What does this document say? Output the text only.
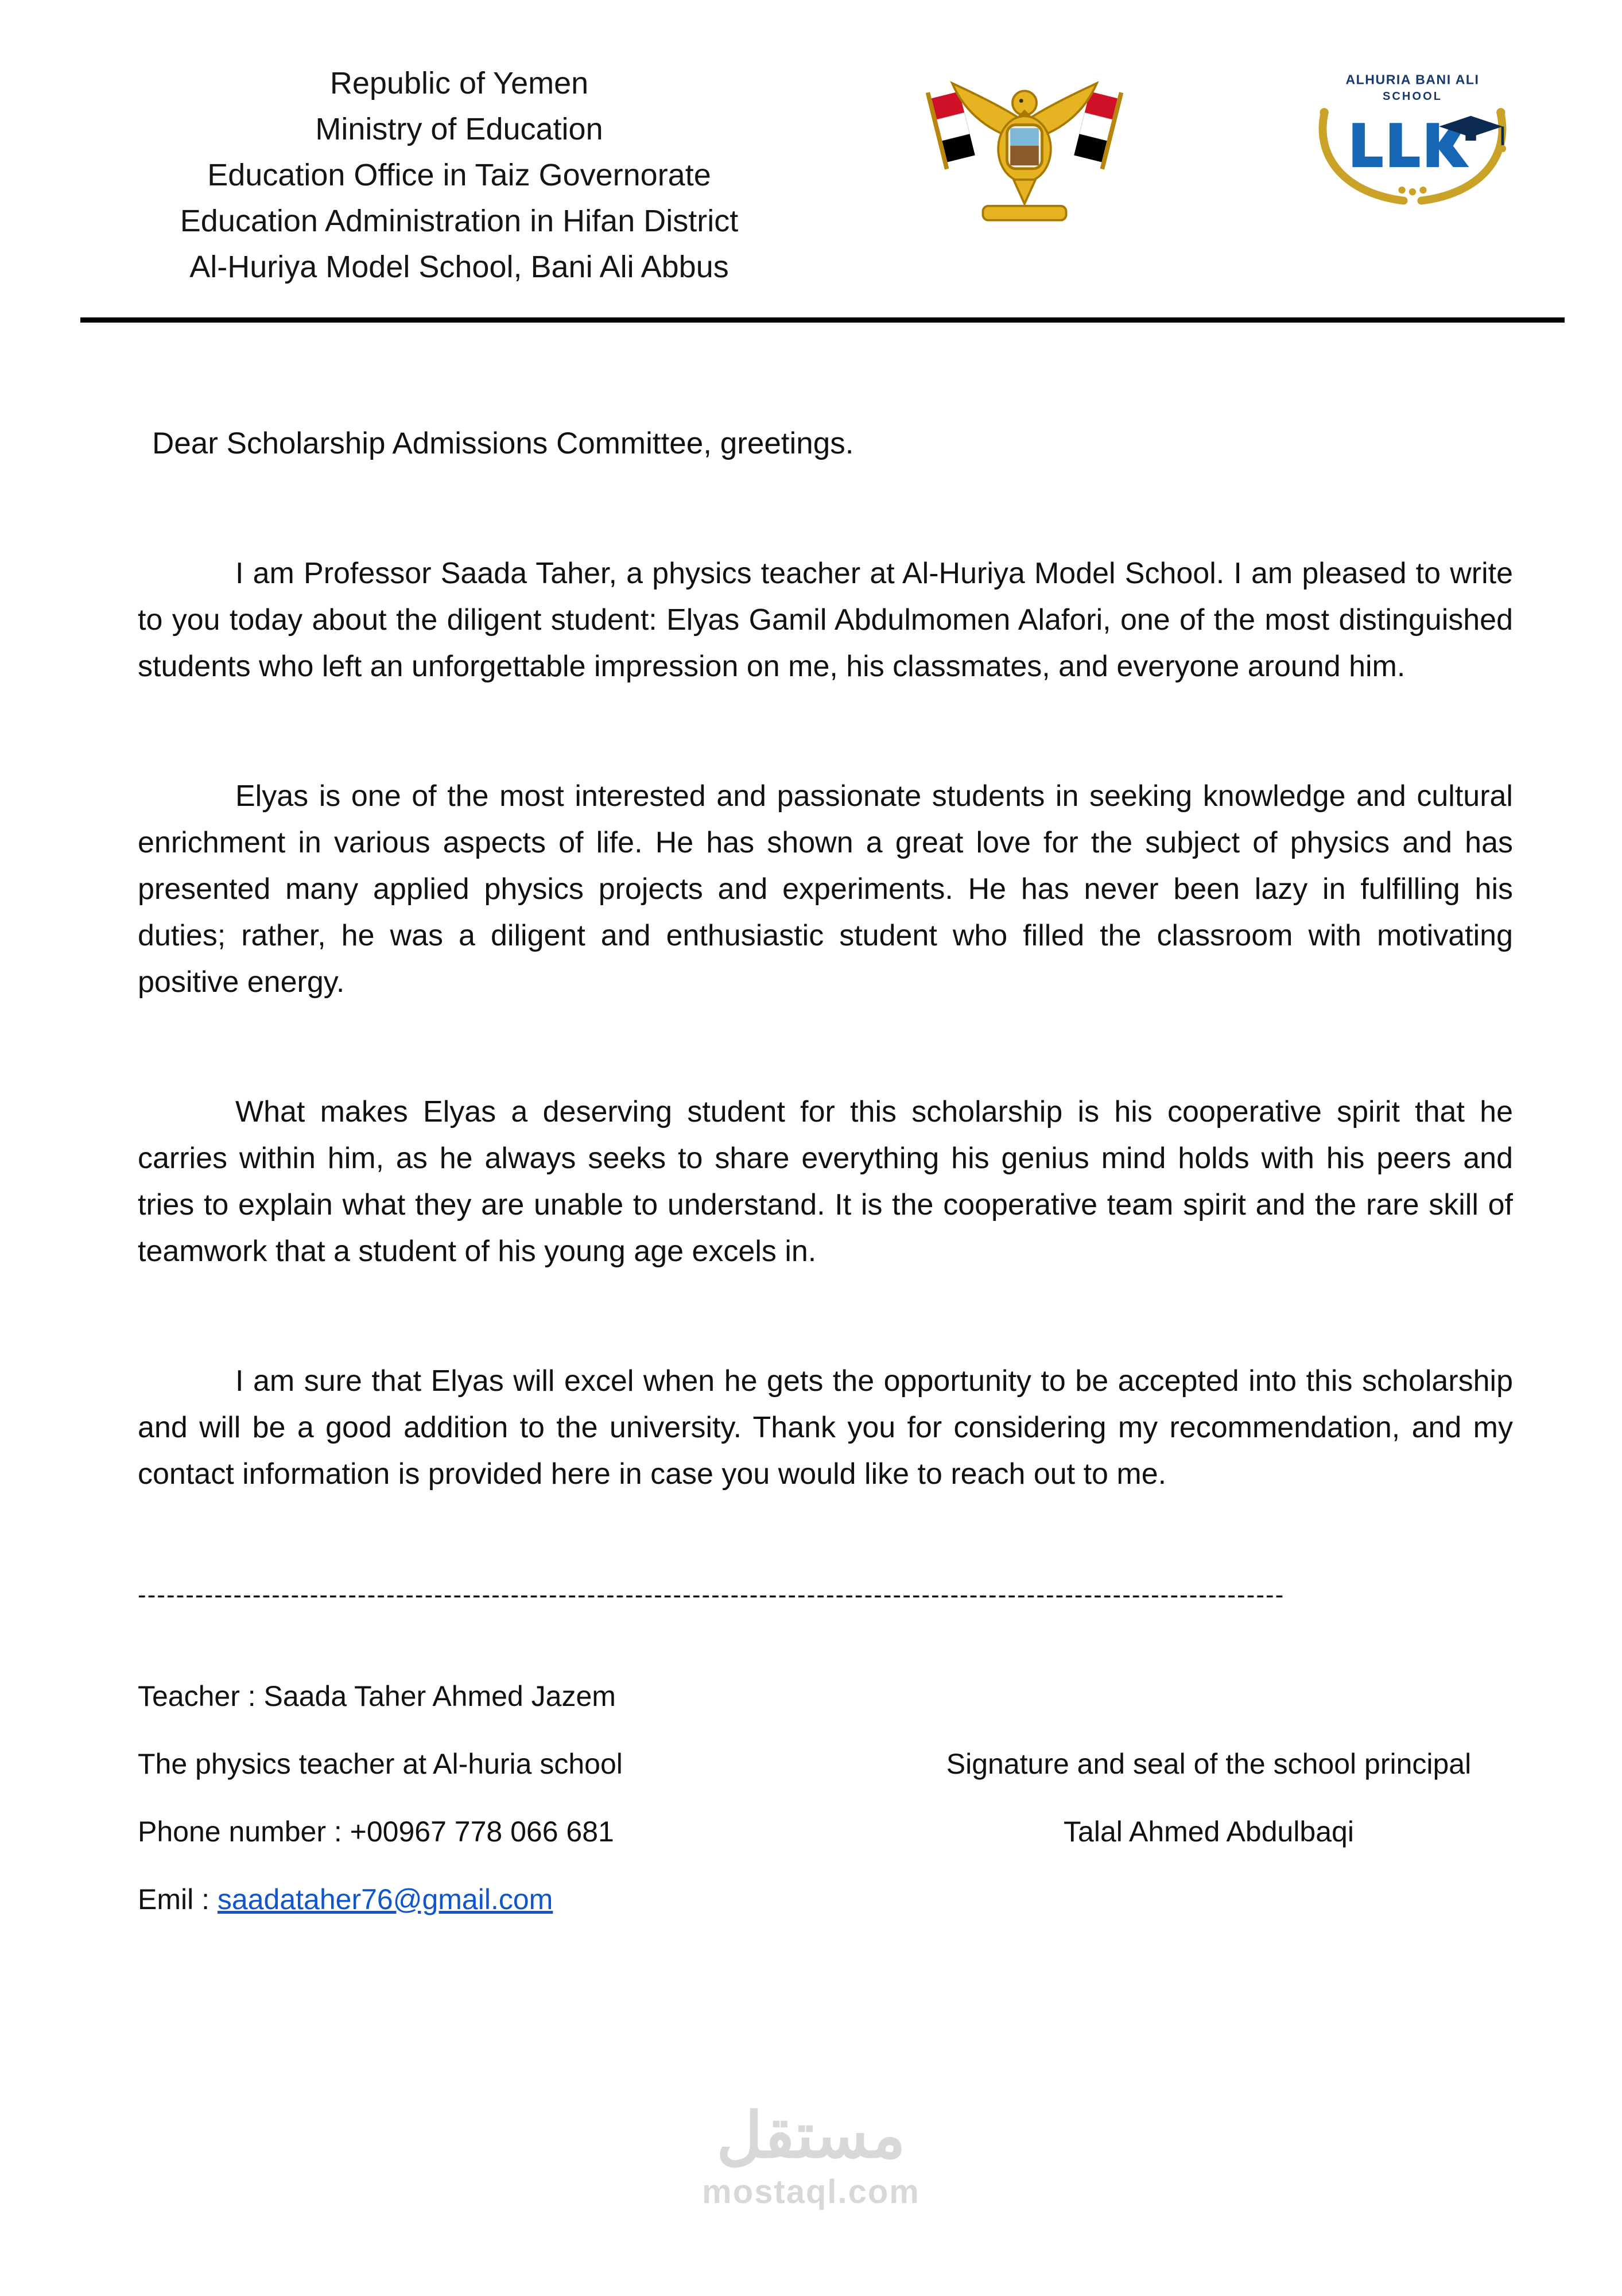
Republic of Yemen
Ministry of Education
Education Office in Taiz Governorate
Education Administration in Hifan District
Al-Huriya Model School, Bani Ali Abbus
ALHURIA BANI ALI
SCHOOL
Dear Scholarship Admissions Committee, greetings.

I am Professor Saada Taher, a physics teacher at Al-Huriya Model School. I am pleased to write to you today about the diligent student: Elyas Gamil Abdulmomen Alafori, one of the most distinguished students who left an unforgettable impression on me, his classmates, and everyone around him.

Elyas is one of the most interested and passionate students in seeking knowledge and cultural enrichment in various aspects of life. He has shown a great love for the subject of physics and has presented many applied physics projects and experiments. He has never been lazy in fulfilling his duties; rather, he was a diligent and enthusiastic student who filled the classroom with motivating positive energy.

What makes Elyas a deserving student for this scholarship is his cooperative spirit that he carries within him, as he always seeks to share everything his genius mind holds with his peers and tries to explain what they are unable to understand. It is the cooperative team spirit and the rare skill of teamwork that a student of his young age excels in.

I am sure that Elyas will excel when he gets the opportunity to be accepted into this scholarship and will be a good addition to the university. Thank you for considering my recommendation, and my contact information is provided here in case you would like to reach out to me.

------------------------------------------------------------------------------------------------------------------------
Teacher : Saada Taher Ahmed Jazem
The physics teacher at Al-huria school	Signature and seal of the school principal
Phone number : +00967 778 066 681	Talal Ahmed Abdulbaqi
Emil : saadataher76@gmail.com
مستقل
mostaql.com
